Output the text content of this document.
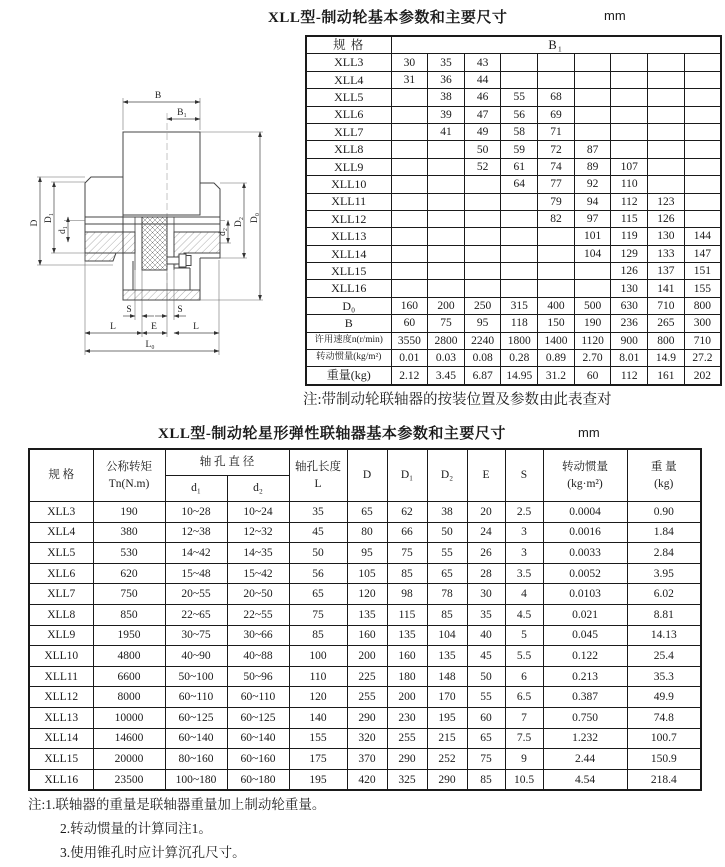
XLL型-制动轮基本参数和主要尺寸	mm
B
B₁
D D₁
d₁	d₂
D₂ D₀
S	S
L	E	L
L₀
规 格	B₁								
XLL3	30	35	43						
XLL4	31	36	44						
XLL5		38	46	55	68				
XLL6		39	47	56	69				
XLL7		41	49	58	71				
XLL8			50	59	72	87			
XLL9			52	61	74	89	107		
XLL10				64	77	92	110		
XLL11					79	94	112	123	
XLL12					82	97	115	126	
XLL13						101	119	130	144
XLL14						104	129	133	147
XLL15							126	137	151
XLL16							130	141	155
D₀	160	200	250	315	400	500	630	710	800
B	60	75	95	118	150	190	236	265	300
许用速度n(r/min)	3550	2800	2240	1800	1400	1120	900	800	710
转动惯量(kg/m²)	0.01	0.03	0.08	0.28	0.89	2.70	8.01	14.9	27.2
重量(kg)	2.12	3.45	6.87	14.95	31.2	60	112	161	202
注:带制动轮联轴器的按装位置及参数由此表查对
XLL型-制动轮星形弹性联轴器基本参数和主要尺寸	mm
规 格	
公称转矩
Tn(N.m)
	轴 孔 直 径	轴孔长度
L
	D	D₁	D₂	E	S	
转动惯量
(kg·m²)

重 量
(kg)

		d₁	d₂								
XLL3	190	10~28	10~24	35	65	62	38	20	2.5	0.0004	0.90
XLL4	380	12~38	12~32	45	80	66	50	24	3	0.0016	1.84
XLL5	530	14~42	14~35	50	95	75	55	26	3	0.0033	2.84
XLL6	620	15~48	15~42	56	105	85	65	28	3.5	0.0052	3.95
XLL7	750	20~55	20~50	65	120	98	78	30	4	0.0103	6.02
XLL8	850	22~65	22~55	75	135	115	85	35	4.5	0.021	8.81
XLL9	1950	30~75	30~66	85	160	135	104	40	5	0.045	14.13
XLL10	4800	40~90	40~88	100	200	160	135	45	5.5	0.122	25.4
XLL11	6600	50~100	50~96	110	225	180	148	50	6	0.213	35.3
XLL12	8000	60~110	60~110	120	255	200	170	55	6.5	0.387	49.9
XLL13	10000	60~125	60~125	140	290	230	195	60	7	0.750	74.8
XLL14	14600	60~140	60~140	155	320	255	215	65	7.5	1.232	100.7
XLL15	20000	80~160	60~160	175	370	290	252	75	9	2.44	150.9
XLL16	23500	100~180	60~180	195	420	325	290	85	10.5	4.54	218.4
注:1.联轴器的重量是联轴器重量加上制动轮重量。
2.转动惯量的计算同注1。
3.使用锥孔时应计算沉孔尺寸。
